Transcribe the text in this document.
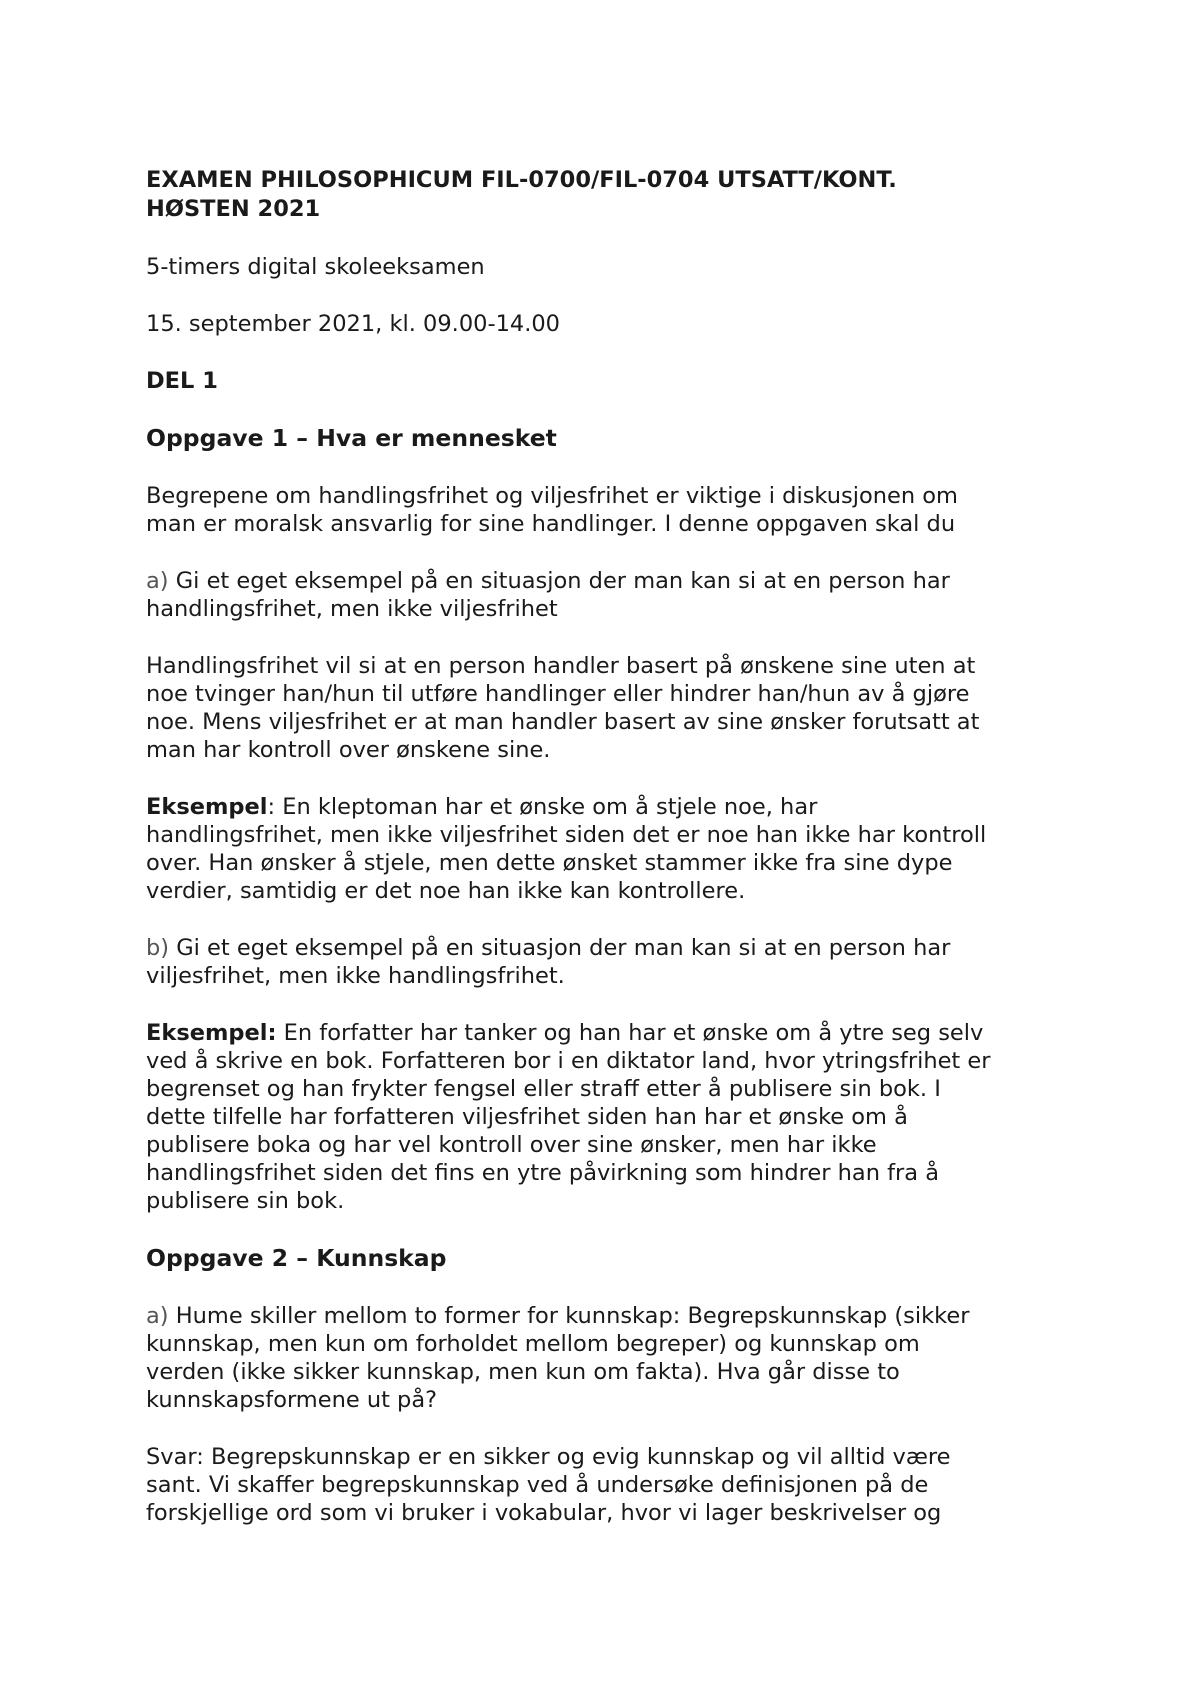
EXAMEN PHILOSOPHICUM FIL-0700/FIL-0704 UTSATT/KONT.
HØSTEN 2021

5-timers digital skoleeksamen

15. september 2021, kl. 09.00-14.00

DEL 1

Oppgave 1 – Hva er mennesket

Begrepene om handlingsfrihet og viljesfrihet er viktige i diskusjonen om

man er moralsk ansvarlig for sine handlinger. I denne oppgaven skal du

a) Gi et eget eksempel på en situasjon der man kan si at en person har

handlingsfrihet, men ikke viljesfrihet

Handlingsfrihet vil si at en person handler basert på ønskene sine uten at

noe tvinger han/hun til utføre handlinger eller hindrer han/hun av å gjøre

noe. Mens viljesfrihet er at man handler basert av sine ønsker forutsatt at

man har kontroll over ønskene sine.

Eksempel: En kleptoman har et ønske om å stjele noe, har

handlingsfrihet, men ikke viljesfrihet siden det er noe han ikke har kontroll

over. Han ønsker å stjele, men dette ønsket stammer ikke fra sine dype

verdier, samtidig er det noe han ikke kan kontrollere.

b) Gi et eget eksempel på en situasjon der man kan si at en person har

viljesfrihet, men ikke handlingsfrihet.

Eksempel: En forfatter har tanker og han har et ønske om å ytre seg selv

ved å skrive en bok. Forfatteren bor i en diktator land, hvor ytringsfrihet er

begrenset og han frykter fengsel eller straff etter å publisere sin bok. I

dette tilfelle har forfatteren viljesfrihet siden han har et ønske om å

publisere boka og har vel kontroll over sine ønsker, men har ikke

handlingsfrihet siden det fins en ytre påvirkning som hindrer han fra å

publisere sin bok.

Oppgave 2 – Kunnskap

a) Hume skiller mellom to former for kunnskap: Begrepskunnskap (sikker

kunnskap, men kun om forholdet mellom begreper) og kunnskap om

verden (ikke sikker kunnskap, men kun om fakta). Hva går disse to

kunnskapsformene ut på?

Svar: Begrepskunnskap er en sikker og evig kunnskap og vil alltid være

sant. Vi skaffer begrepskunnskap ved å undersøke definisjonen på de

forskjellige ord som vi bruker i vokabular, hvor vi lager beskrivelser og
